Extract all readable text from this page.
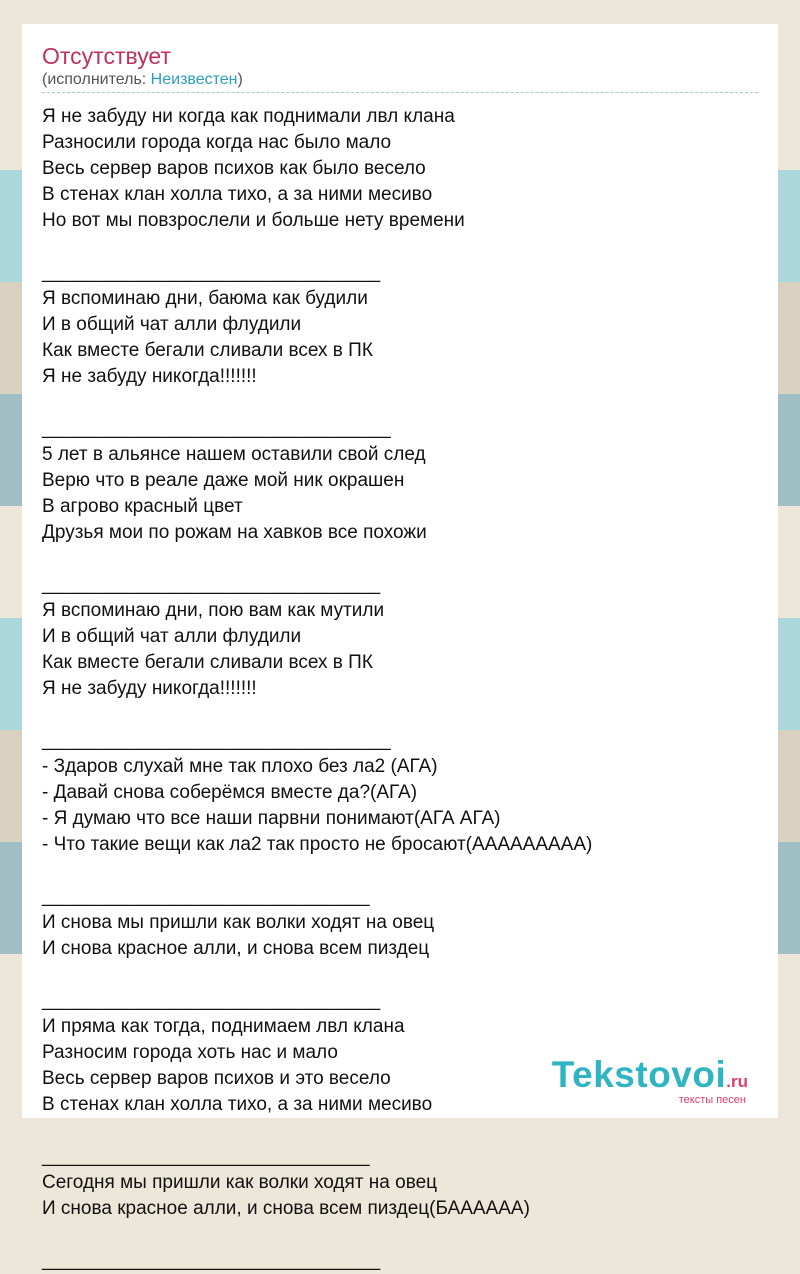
Отсутствует
(исполнитель: Неизвестен)
Я не забуду ни когда как поднимали лвл клана
Разносили города когда нас было мало
Весь сервер варов психов как было весело
В стенах клан холла тихо, а за ними месиво
Но вот мы повзрослели и больше нету времени
________________________________
Я вспоминаю дни, баюма как будили
И в общий чат алли флудили
Как вместе бегали сливали всех в ПК
Я не забуду никогда!!!!!!!
_________________________________
5 лет в альянсе нашем оставили свой след
Верю что в реале даже мой ник окрашен
В агрово красный цвет
Друзья мои по рожам на хавков все похожи
________________________________
Я вспоминаю дни, пою вам как мутили
И в общий чат алли флудили
Как вместе бегали сливали всех в ПК
Я не забуду никогда!!!!!!!
_________________________________
- Здаров слухай мне так плохо без ла2 (АГА)
- Давай снова соберёмся вместе да?(АГА)
- Я думаю что все наши парвни понимают(АГА АГА)
- Что такие вещи как ла2 так просто не бросают(ААААААААА)
_______________________________
И снова мы пришли как волки ходят на овец
И снова красное алли, и снова всем пиздец
________________________________
И пряма как тогда, поднимаем лвл клана
Разносим города хоть нас и мало
Весь сервер варов психов и это весело
В стенах клан холла тихо, а за ними месиво
_______________________________
Сегодня мы пришли как волки ходят на овец
И снова красное алли, и снова всем пиздец(БАААААА)
________________________________
Tekstovoi.ru
тексты песен
